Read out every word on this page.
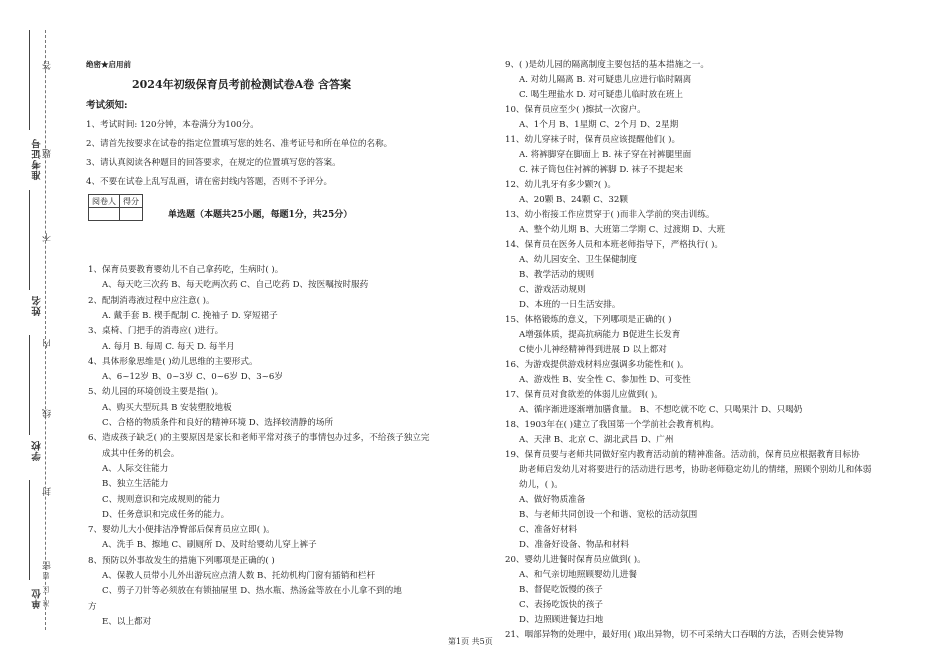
准考证号
姓名
学校
单位
答
题
不
内
线
封
密
题
区
准
绝密★启用前
2024年初级保育员考前检测试卷A卷 含答案
考试须知:
1、考试时间: 120分钟，本卷满分为100分。
2、请首先按要求在试卷的指定位置填写您的姓名、准考证号和所在单位的名称。
3、请认真阅读各种题目的回答要求，在规定的位置填写您的答案。
4、不要在试卷上乱写乱画，请在密封线内答题，否则不予评分。
阅卷人	得分

单选题（本题共25小题，每题1分，共25分）
1、保育员要教育婴幼儿不自己拿药吃，生病时( )。
A、每天吃三次药 B、每天吃两次药 C、自己吃药 D、按医嘱按时服药
2、配制消毒液过程中应注意( )。
A. 戴手套 B. 楔手配制 C. 挽袖子 D. 穿短裙子
3、桌椅、门把手的消毒应( )进行。
A. 每月 B. 每周 C. 每天 D. 每半月
4、具体形象思维是( )幼儿思维的主要形式。
A、6~12岁 B、0~3岁 C、0~6岁 D、3~6岁
5、幼儿园的环境创设主要是指( )。
A、购买大型玩具 B 安装塑胶地板
C、合格的物质条件和良好的精神环境 D、选择较清静的场所
6、造成孩子缺乏( )的主要原因是家长和老师平常对孩子的事情包办过多，不给孩子独立完
成其中任务的机会。
A、人际交往能力
B、独立生活能力
C、规则意识和完成规则的能力
D、任务意识和完成任务的能力。
7、婴幼儿大小便排洁净臀部后保育员应立即( )。
A、洗手 B、擦地 C、刷厕所 D、及时给婴幼儿穿上裤子
8、预防以外事故发生的措施下列哪项是正确的( )
A、保教人员带小儿外出游玩应点清人数 B、托幼机构门窗有插销和栏杆
C、剪子刀针等必须放在有锁抽屉里 D、热水瓶、热汤盆等放在小儿拿不到的地
方
E、以上都对
9、( )是幼儿园的隔离制度主要包括的基本措施之一。
A. 对幼儿隔离 B. 对可疑患儿应进行临时隔离
C. 喝生理盐水 D. 对可疑患儿临时放在班上
10、保育员应至少( )擦拭一次窗户。
A、1个月 B、1星期 C、2个月 D、2星期
11、幼儿穿袜子时，保育员应该提醒他们( )。
A. 将裤脚穿在脚面上 B. 袜子穿在衬裤腿里面
C. 袜子筒包住衬裤的裤脚 D. 袜子不提起来
12、幼儿乳牙有多少颗?( )。
A、20颗 B、24颗 C、32颗
13、幼小衔接工作应贯穿于( )而非入学前的突击训练。
A、整个幼儿期 B、大班第二学期 C、过渡期 D、大班
14、保育员在医务人员和本班老师指导下，严格执行( )。
A、幼儿园安全、卫生保健制度
B、教学活动的规则
C、游戏活动规则
D、本班的一日生活安排。
15、体格锻炼的意义，下列哪项是正确的( )
A增强体质，提高抗病能力 B促进生长发育
C使小儿神经精神得到进展 D 以上都对
16、为游戏提供游戏材料应强调多功能性和( )。
A、游戏性 B、安全性 C、参加性 D、可变性
17、保育员对食欲差的体弱儿应做到( )。
A、循序渐进逐渐增加膳食量。 B、不想吃就不吃 C、只喝果汁 D、只喝奶
18、1903年在( )建立了我国第一个学前社会教育机构。
A、天津 B、北京 C、湖北武昌 D、广州
19、保育员要与老师共同做好室内教育活动前的精神准备。活动前，保育员应根据教育目标协
助老师启发幼儿对将要进行的活动进行思考，协助老师稳定幼儿的情绪，照顾个别幼儿和体弱
幼儿，( )。
A、做好物质准备
B、与老师共同创设一个和谐、宽松的活动氛围
C、准备好材料
D、准备好设备、物品和材料
20、婴幼儿进餐时保育员应做到( )。
A、和气亲切地照顾婴幼儿进餐
B、督促吃饭慢的孩子
C、表扬吃饭快的孩子
D、边照顾进餐边扫地
21、咽部异物的处理中，最好用( )取出异物，切不可采纳大口吞咽的方法，否则会使异物
第1页 共5页
